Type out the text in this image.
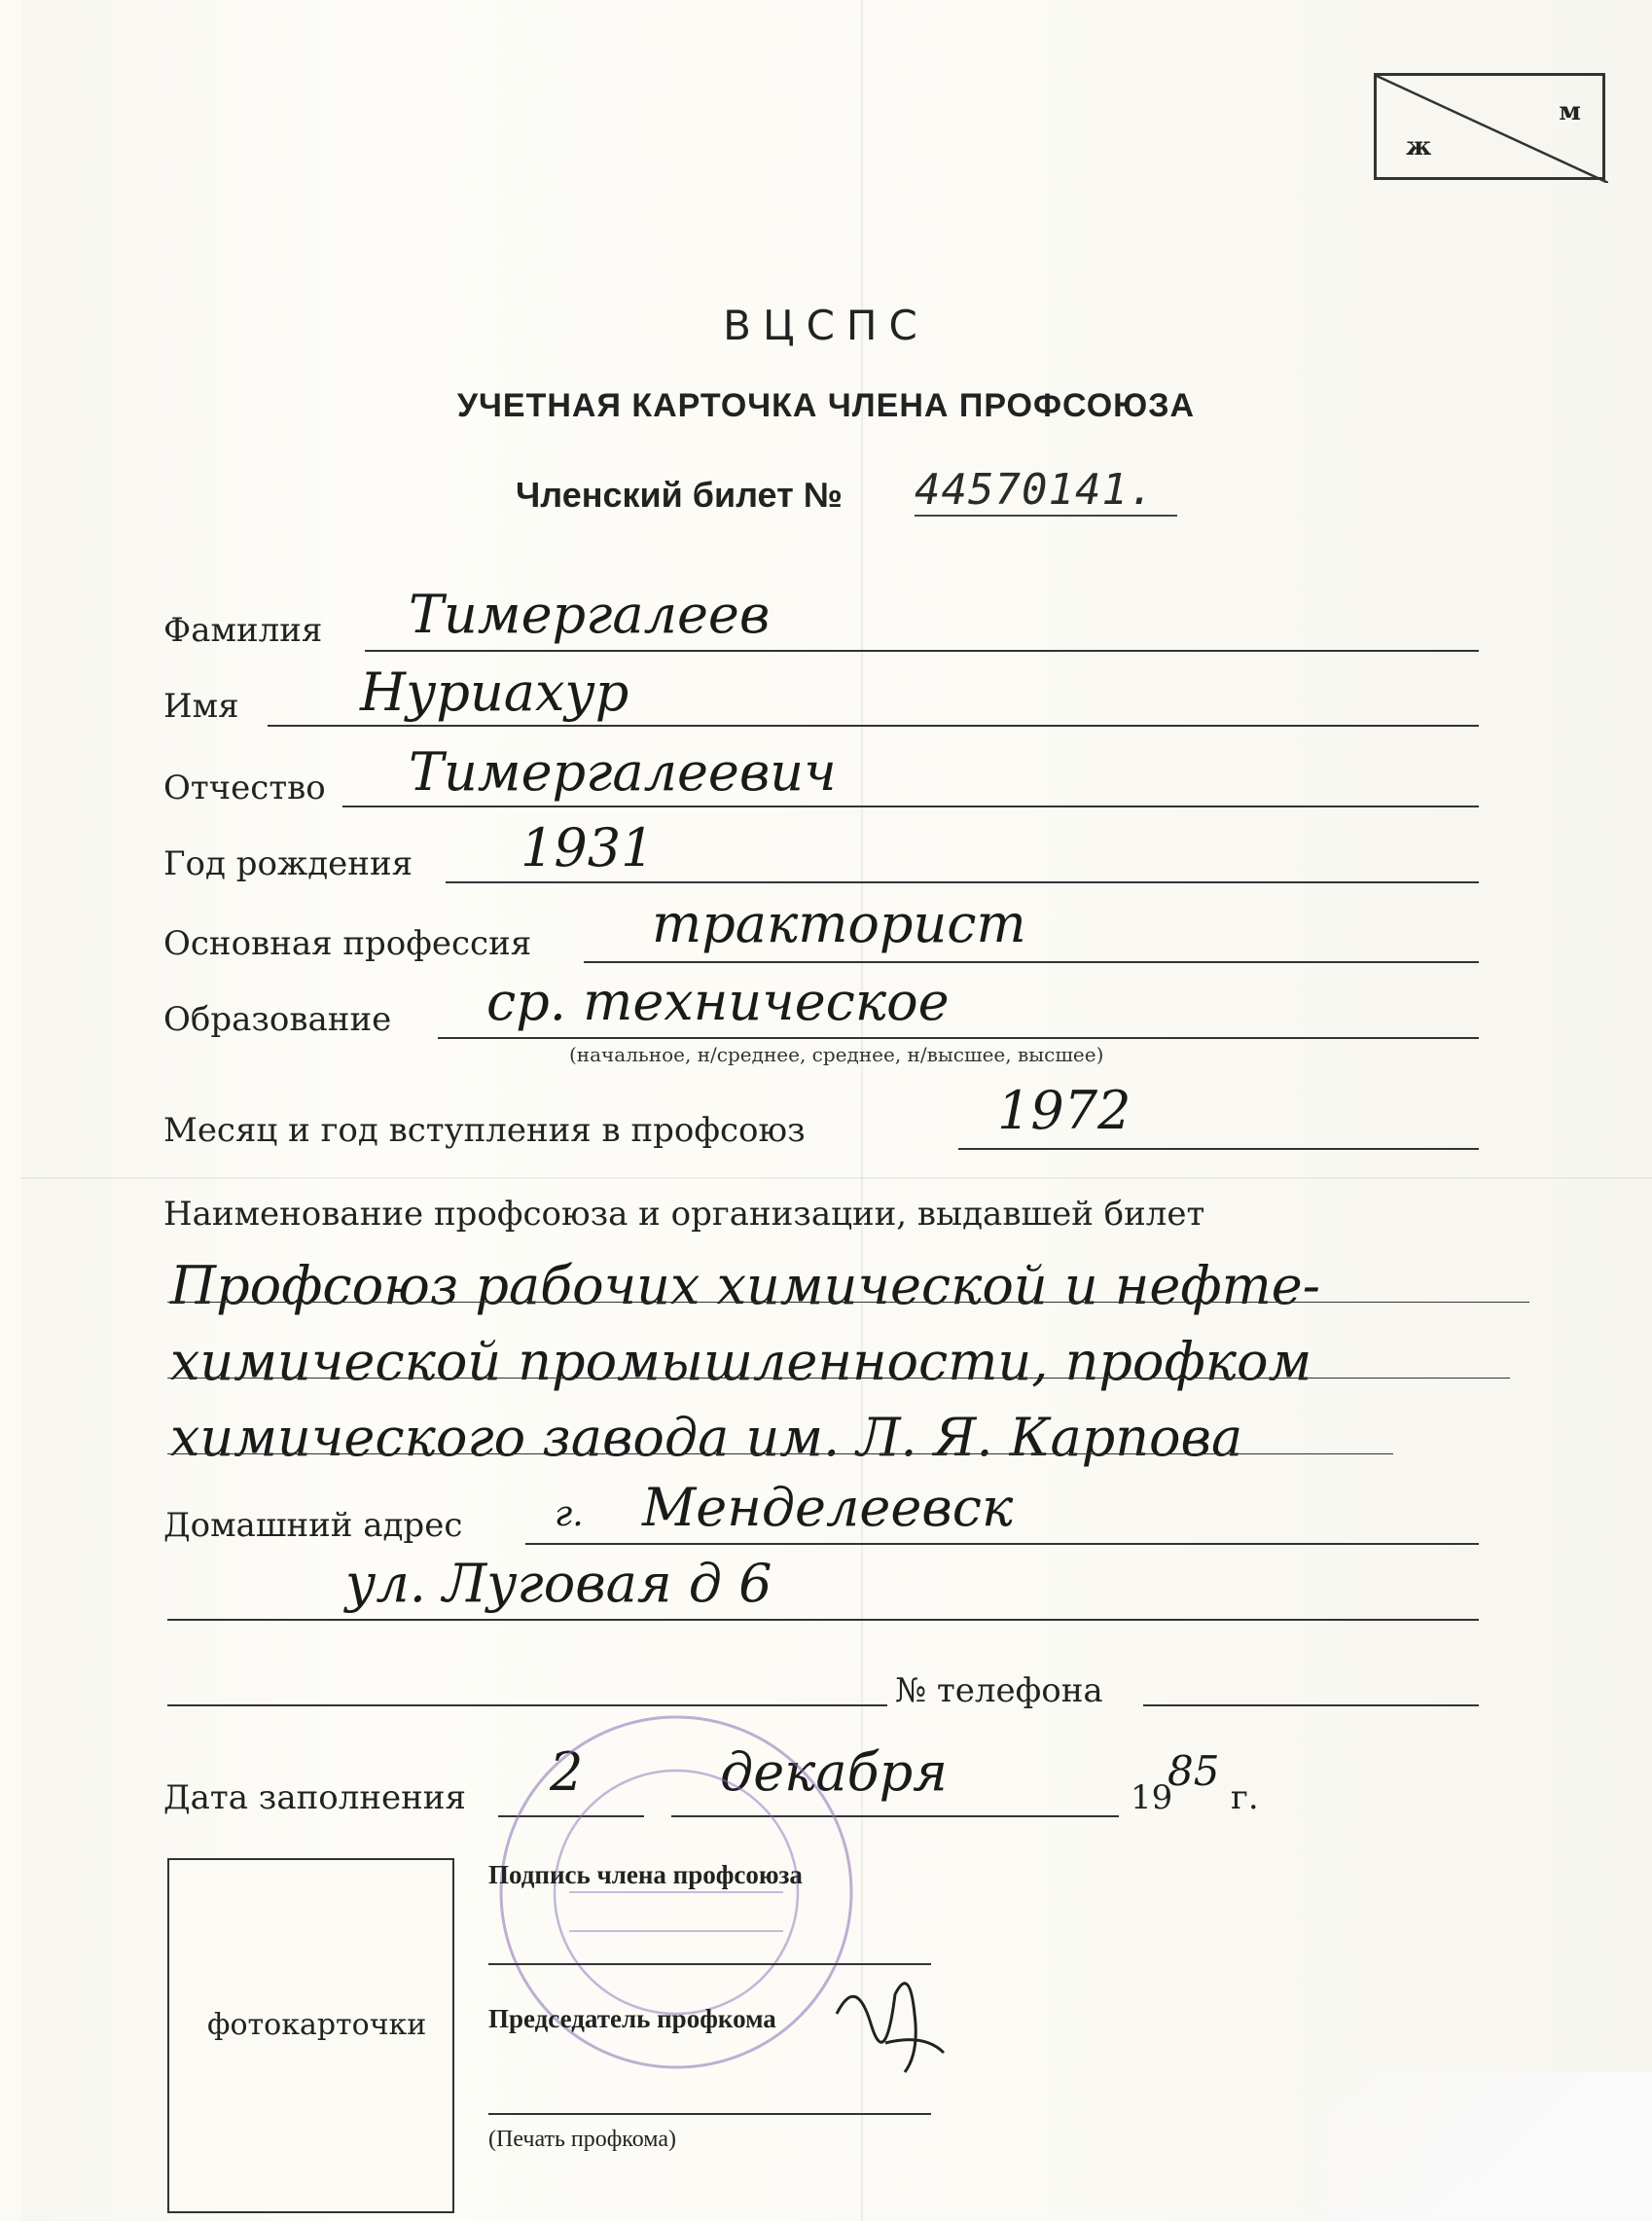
м
ж
ВЦСПС
УЧЕТНАЯ КАРТОЧКА ЧЛЕНА ПРОФСОЮЗА
Членский билет № 44570141.
Фамилия Тимергалеев
Имя Нуриахур
Отчество Тимергалеевич
Год рождения 1931
Основная профессия тракторист
Образование ср. техническое
(начальное, н/среднее, среднее, н/высшее, высшее)
Месяц и год вступления в профсоюз	1972
Наименование профсоюза и организации, выдавшей билет
Профсоюз рабочих химической и нефте-
химической промышленности, профком
химического завода им. Л. Я. Карпова
Домашний адрес	г. Менделеевск
ул. Луговая д 6
№ телефона
Дата заполнения 2	декабря	19
85
г.
фотокарточки
Подпись члена профсоюза
Председатель профкома
(Печать профкома)
